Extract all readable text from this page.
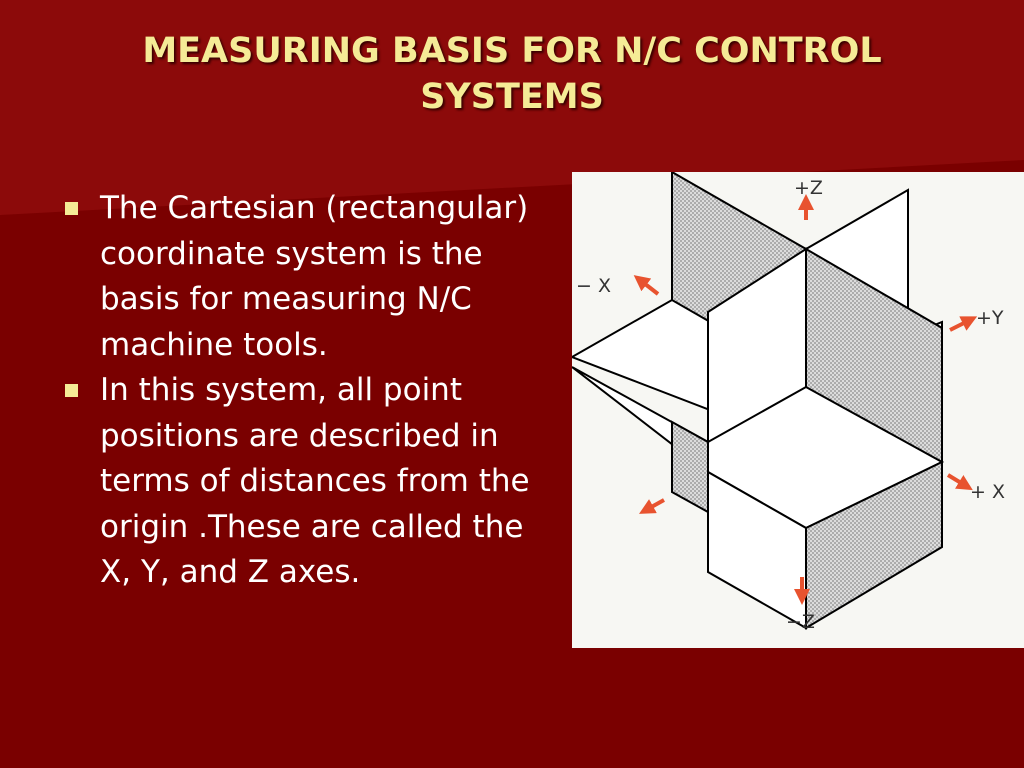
MEASURING BASIS FOR N/C CONTROL SYSTEMS
The Cartesian (rectangular) coordinate system is the basis for measuring N/C machine tools.
In this system, all point positions are described in terms of distances from the origin .These are called the X, Y, and Z axes.
+Z
−Z
− X
+ X
+Y
